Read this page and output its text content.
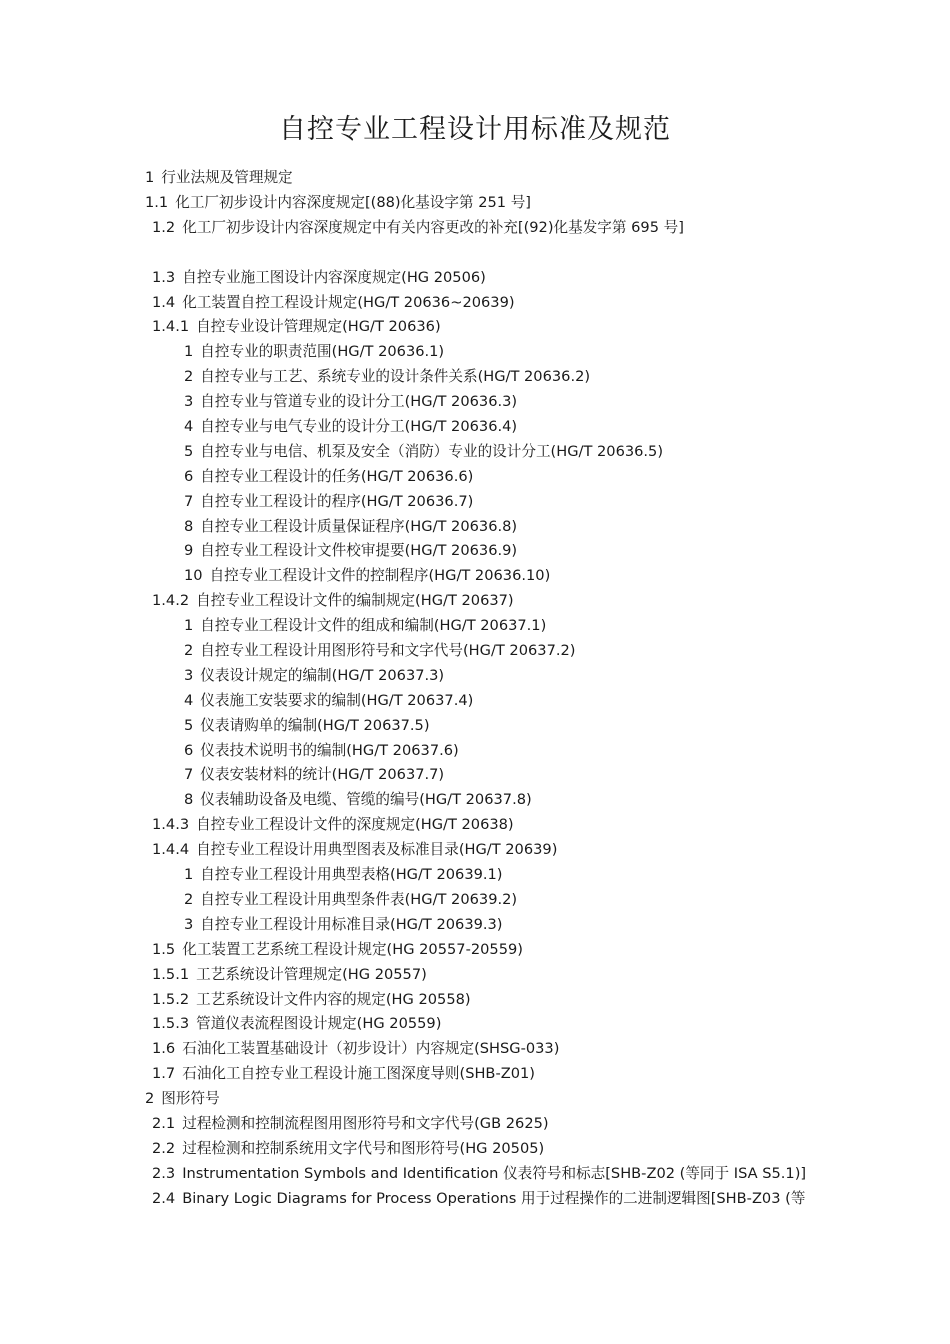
自控专业工程设计用标准及规范
1 行业法规及管理规定
1.1 化工厂初步设计内容深度规定[(88)化基设字第 251 号]
1.2 化工厂初步设计内容深度规定中有关内容更改的补充[(92)化基发字第 695 号]
1.3 自控专业施工图设计内容深度规定(HG 20506)
1.4 化工装置自控工程设计规定(HG/T 20636~20639)
1.4.1 自控专业设计管理规定(HG/T 20636)
1 自控专业的职责范围(HG/T 20636.1)
2 自控专业与工艺、系统专业的设计条件关系(HG/T 20636.2)
3 自控专业与管道专业的设计分工(HG/T 20636.3)
4 自控专业与电气专业的设计分工(HG/T 20636.4)
5 自控专业与电信、机泵及安全（消防）专业的设计分工(HG/T 20636.5)
6 自控专业工程设计的任务(HG/T 20636.6)
7 自控专业工程设计的程序(HG/T 20636.7)
8 自控专业工程设计质量保证程序(HG/T 20636.8)
9 自控专业工程设计文件校审提要(HG/T 20636.9)
10 自控专业工程设计文件的控制程序(HG/T 20636.10)
1.4.2 自控专业工程设计文件的编制规定(HG/T 20637)
1 自控专业工程设计文件的组成和编制(HG/T 20637.1)
2 自控专业工程设计用图形符号和文字代号(HG/T 20637.2)
3 仪表设计规定的编制(HG/T 20637.3)
4 仪表施工安装要求的编制(HG/T 20637.4)
5 仪表请购单的编制(HG/T 20637.5)
6 仪表技术说明书的编制(HG/T 20637.6)
7 仪表安装材料的统计(HG/T 20637.7)
8 仪表辅助设备及电缆、管缆的编号(HG/T 20637.8)
1.4.3 自控专业工程设计文件的深度规定(HG/T 20638)
1.4.4 自控专业工程设计用典型图表及标准目录(HG/T 20639)
1 自控专业工程设计用典型表格(HG/T 20639.1)
2 自控专业工程设计用典型条件表(HG/T 20639.2)
3 自控专业工程设计用标准目录(HG/T 20639.3)
1.5 化工装置工艺系统工程设计规定(HG 20557-20559)
1.5.1 工艺系统设计管理规定(HG 20557)
1.5.2 工艺系统设计文件内容的规定(HG 20558)
1.5.3 管道仪表流程图设计规定(HG 20559)
1.6 石油化工装置基础设计（初步设计）内容规定(SHSG-033)
1.7 石油化工自控专业工程设计施工图深度导则(SHB-Z01)
2 图形符号
2.1 过程检测和控制流程图用图形符号和文字代号(GB 2625)
2.2 过程检测和控制系统用文字代号和图形符号(HG 20505)
2.3 Instrumentation Symbols and Identification 仪表符号和标志[SHB-Z02 (等同于 ISA S5.1)]
2.4 Binary Logic Diagrams for Process Operations 用于过程操作的二进制逻辑图[SHB-Z03 (等
